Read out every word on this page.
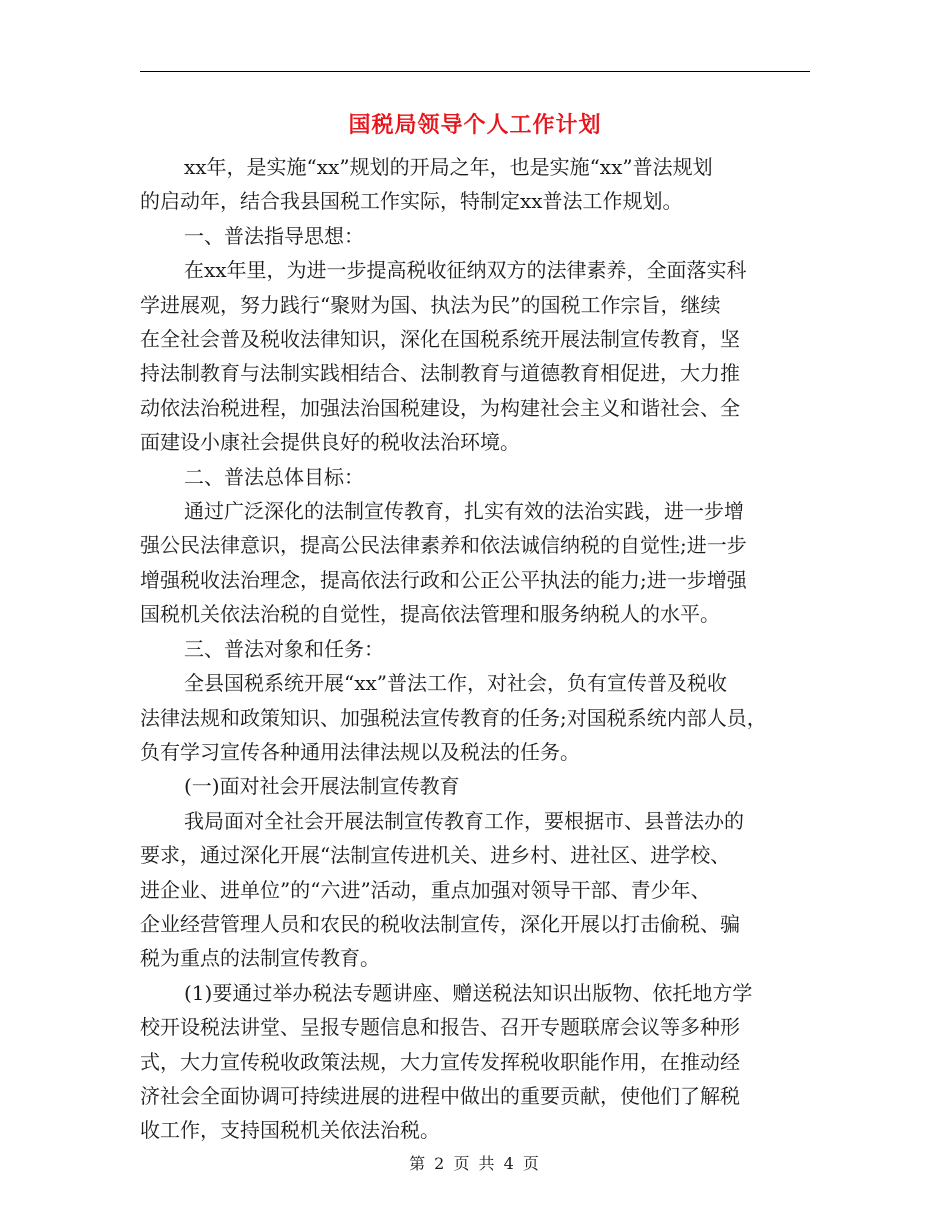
国税局领导个人工作计划

xx年，是实施“xx”规划的开局之年，也是实施“xx”普法规划
的启动年，结合我县国税工作实际，特制定xx普法工作规划。

一、普法指导思想：

在xx年里，为进一步提高税收征纳双方的法律素养，全面落实科
学进展观，努力践行“聚财为国、执法为民”的国税工作宗旨，继续
在全社会普及税收法律知识，深化在国税系统开展法制宣传教育，坚
持法制教育与法制实践相结合、法制教育与道德教育相促进，大力推
动依法治税进程，加强法治国税建设，为构建社会主义和谐社会、全
面建设小康社会提供良好的税收法治环境。

二、普法总体目标：

通过广泛深化的法制宣传教育，扎实有效的法治实践，进一步增
强公民法律意识，提高公民法律素养和依法诚信纳税的自觉性;进一步
增强税收法治理念，提高依法行政和公正公平执法的能力;进一步增强
国税机关依法治税的自觉性，提高依法管理和服务纳税人的水平。

三、普法对象和任务：

全县国税系统开展“xx”普法工作，对社会，负有宣传普及税收
法律法规和政策知识、加强税法宣传教育的任务;对国税系统内部人员，
负有学习宣传各种通用法律法规以及税法的任务。

(一)面对社会开展法制宣传教育

我局面对全社会开展法制宣传教育工作，要根据市、县普法办的
要求，通过深化开展“法制宣传进机关、进乡村、进社区、进学校、
进企业、进单位”的“六进”活动，重点加强对领导干部、青少年、
企业经营管理人员和农民的税收法制宣传，深化开展以打击偷税、骗
税为重点的法制宣传教育。

(1)要通过举办税法专题讲座、赠送税法知识出版物、依托地方学
校开设税法讲堂、呈报专题信息和报告、召开专题联席会议等多种形
式，大力宣传税收政策法规，大力宣传发挥税收职能作用，在推动经
济社会全面协调可持续进展的进程中做出的重要贡献，使他们了解税
收工作，支持国税机关依法治税。

第 2 页 共 4 页
